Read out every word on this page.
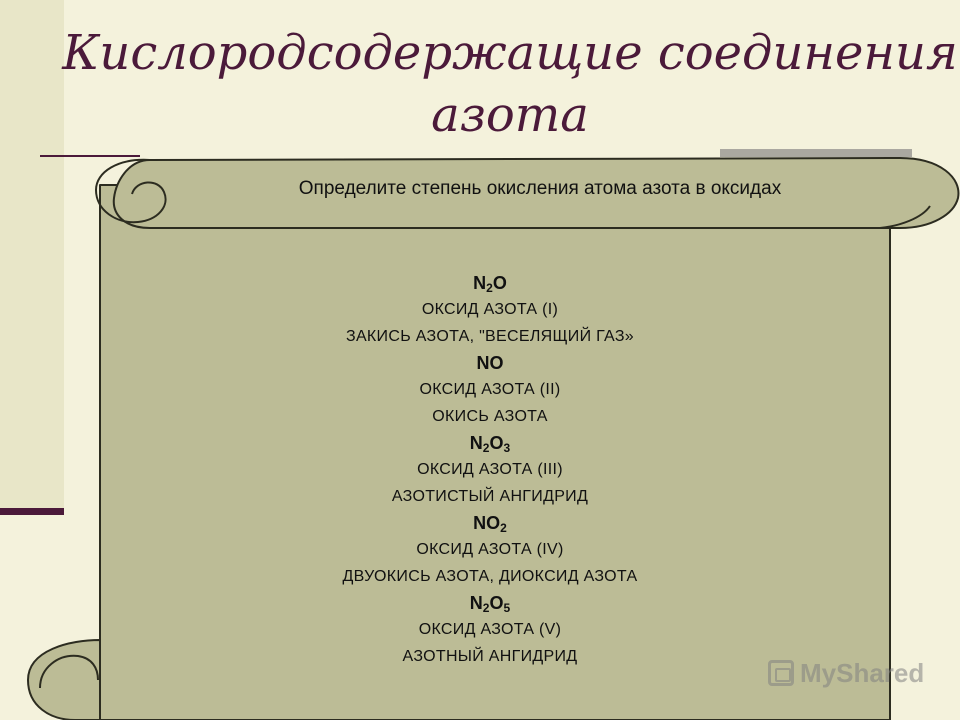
Кислородсодержащие соединения азота
Определите степень окисления атома азота в оксидах
$N_2O$
ОКСИД АЗОТА (I)
ЗАКИСЬ АЗОТА, "ВЕСЕЛЯЩИЙ ГАЗ»
NO
ОКСИД АЗОТА (II)
ОКИСЬ АЗОТА
$N_2O_3$
ОКСИД АЗОТА (III)
АЗОТИСТЫЙ АНГИДРИД
$NO_2$
ОКСИД АЗОТА (IV)
ДВУОКИСЬ АЗОТА, ДИОКСИД АЗОТА
$N_2O_5$
ОКСИД АЗОТА (V)
АЗОТНЫЙ АНГИДРИД
MyShared
